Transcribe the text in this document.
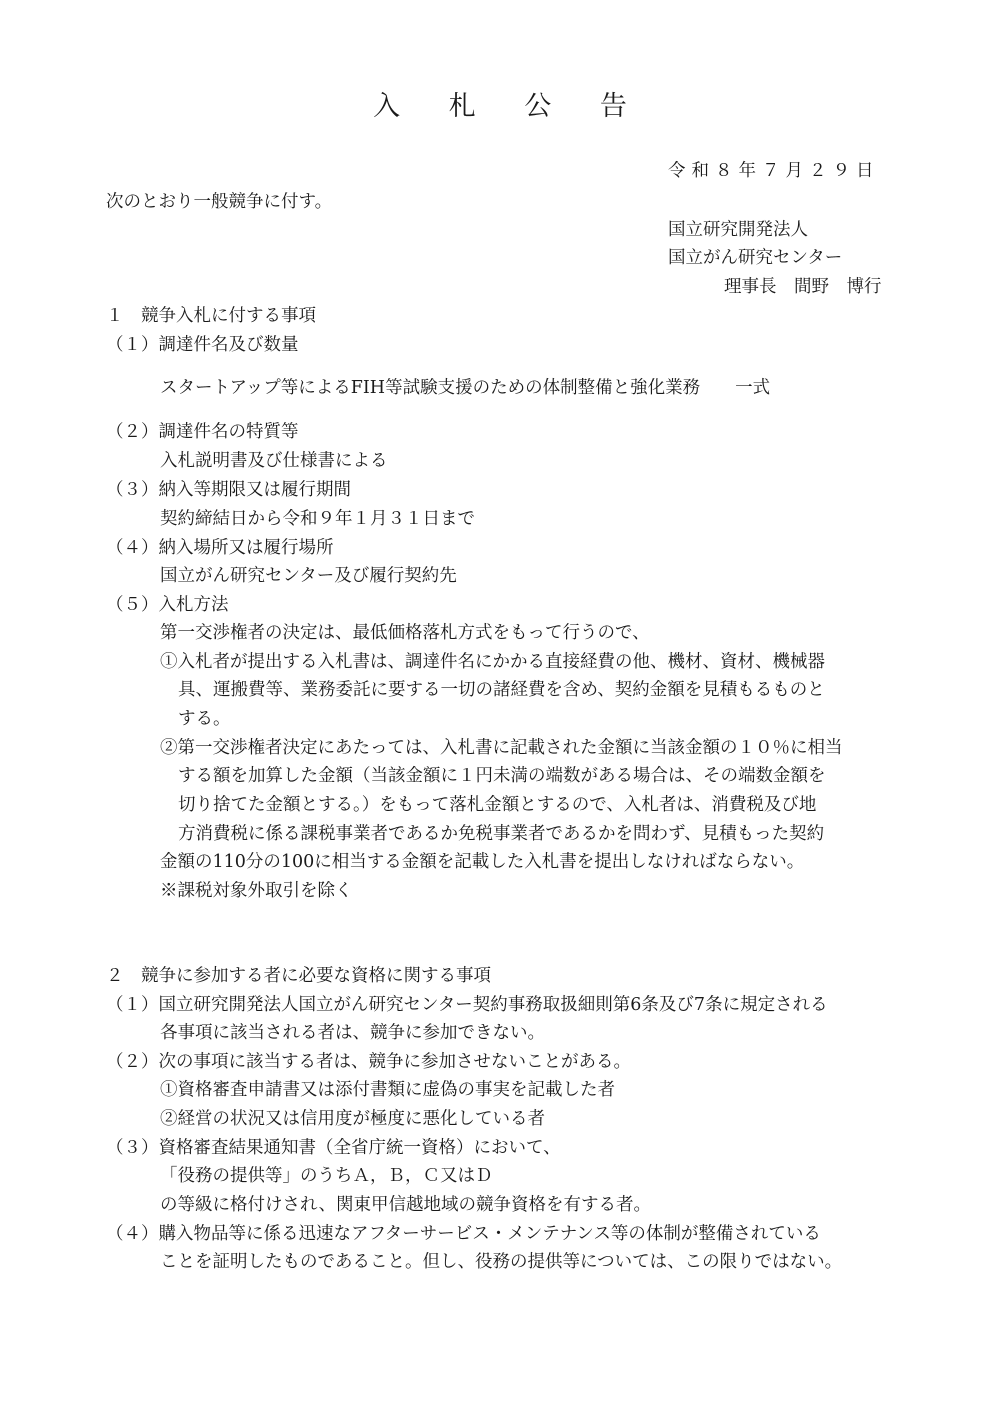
入 札 公 告

令和８年７月２９日

次のとおり一般競争に付す。

国立研究開発法人

国立がん研究センター

理事長　間野　博行

１　競争入札に付する事項

（１）調達件名及び数量

スタートアップ等によるFIH等試験支援のための体制整備と強化業務　　一式

（２）調達件名の特質等

入札説明書及び仕様書による

（３）納入等期限又は履行期間

契約締結日から令和９年１月３１日まで

（４）納入場所又は履行場所

国立がん研究センター及び履行契約先

（５）入札方法

第一交渉権者の決定は、最低価格落札方式をもって行うので、

①入札者が提出する入札書は、調達件名にかかる直接経費の他、機材、資材、機械器

具、運搬費等、業務委託に要する一切の諸経費を含め、契約金額を見積もるものと

する。

②第一交渉権者決定にあたっては、入札書に記載された金額に当該金額の１０％に相当

する額を加算した金額（当該金額に１円未満の端数がある場合は、その端数金額を

切り捨てた金額とする。）をもって落札金額とするので、入札者は、消費税及び地

方消費税に係る課税事業者であるか免税事業者であるかを問わず、見積もった契約

金額の110分の100に相当する金額を記載した入札書を提出しなければならない。

※課税対象外取引を除く

２　競争に参加する者に必要な資格に関する事項

（１）国立研究開発法人国立がん研究センター契約事務取扱細則第6条及び7条に規定される

各事項に該当される者は、競争に参加できない。

（２）次の事項に該当する者は、競争に参加させないことがある。

①資格審査申請書又は添付書類に虚偽の事実を記載した者

②経営の状況又は信用度が極度に悪化している者

（３）資格審査結果通知書（全省庁統一資格）において、

「役務の提供等」のうちＡ，Ｂ，Ｃ又はＤ

の等級に格付けされ、関東甲信越地域の競争資格を有する者。

（４）購入物品等に係る迅速なアフターサービス・メンテナンス等の体制が整備されている

ことを証明したものであること。但し、役務の提供等については、この限りではない。
